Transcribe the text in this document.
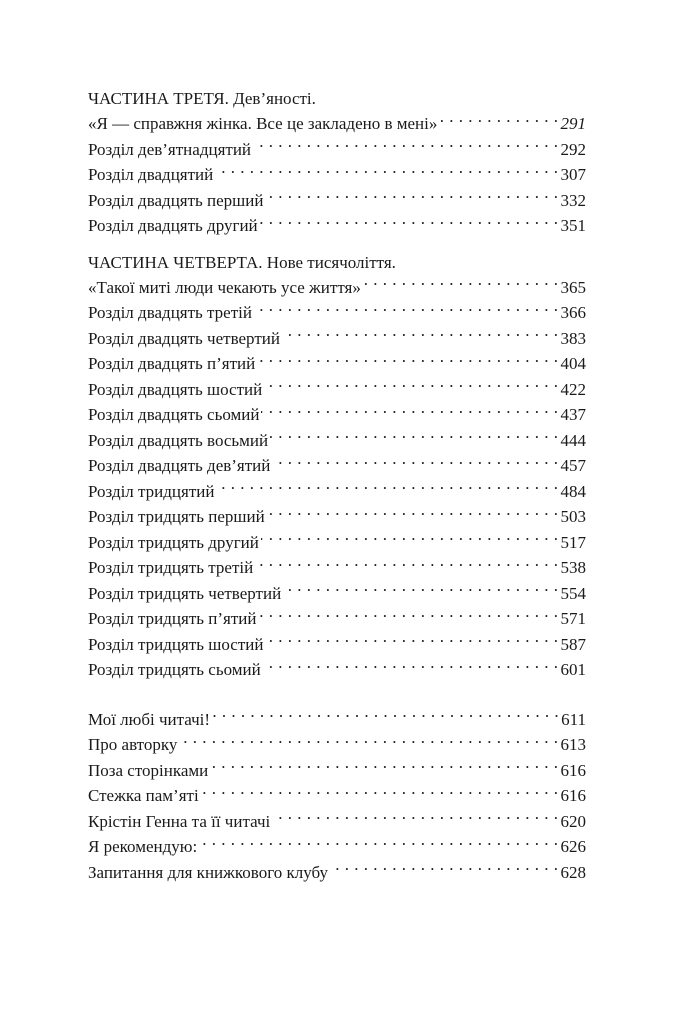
ЧАСТИНА ТРЕТЯ. Дев’яності.
«Я — справжня жінка. Все це закладено в мені» . . .	291
Розділ дев’ятнадцятий . . .	292
Розділ двадцятий . . .	307
Розділ двадцять перший . . .	332
Розділ двадцять другий . . .	351
ЧАСТИНА ЧЕТВЕРТА. Нове тисячоліття.
«Такої миті люди чекають усе життя» . . .	365
Розділ двадцять третій . . .	366
Розділ двадцять четвертий . . .	383
Розділ двадцять п’ятий . . .	404
Розділ двадцять шостий . . .	422
Розділ двадцять сьомий . . .	437
Розділ двадцять восьмий . . .	444
Розділ двадцять дев’ятий . . .	457
Розділ тридцятий . . .	484
Розділ тридцять перший . . .	503
Розділ тридцять другий . . .	517
Розділ тридцять третій . . .	538
Розділ тридцять четвертий . . .	554
Розділ тридцять п’ятий . . .	571
Розділ тридцять шостий . . .	587
Розділ тридцять сьомий . . .	601
Мої любі читачі! . . .	611
Про авторку . . .	613
Поза сторінками . . .	616
Стежка пам’яті . . .	616
Крістін Генна та її читачі . . .	620
Я рекомендую: . . .	626
Запитання для книжкового клубу . . .	628
